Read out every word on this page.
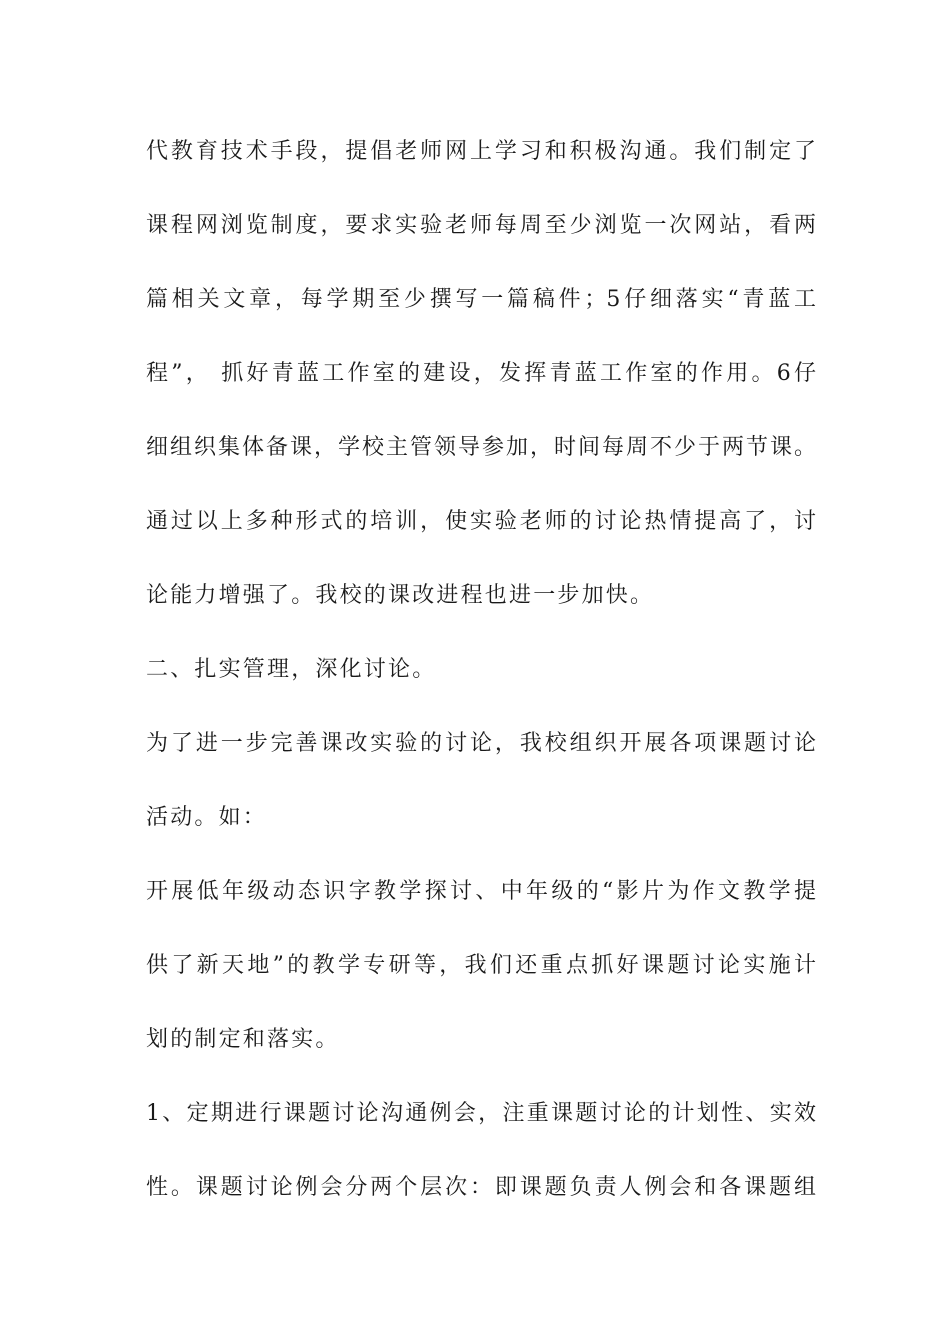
代教育技术手段，提倡老师网上学习和积极沟通。我们制定了
课程网浏览制度，要求实验老师每周至少浏览一次网站，看两
篇相关文章，每学期至少撰写一篇稿件；5仔细落实“青蓝工
程”， 抓好青蓝工作室的建设，发挥青蓝工作室的作用。6仔
细组织集体备课，学校主管领导参加，时间每周不少于两节课。
通过以上多种形式的培训，使实验老师的讨论热情提高了，讨
论能力增强了。我校的课改进程也进一步加快。
二、扎实管理，深化讨论。
为了进一步完善课改实验的讨论，我校组织开展各项课题讨论
活动。如：
开展低年级动态识字教学探讨、中年级的“影片为作文教学提
供了新天地”的教学专研等，我们还重点抓好课题讨论实施计
划的制定和落实。
1、定期进行课题讨论沟通例会，注重课题讨论的计划性、实效
性。课题讨论例会分两个层次：即课题负责人例会和各课题组
